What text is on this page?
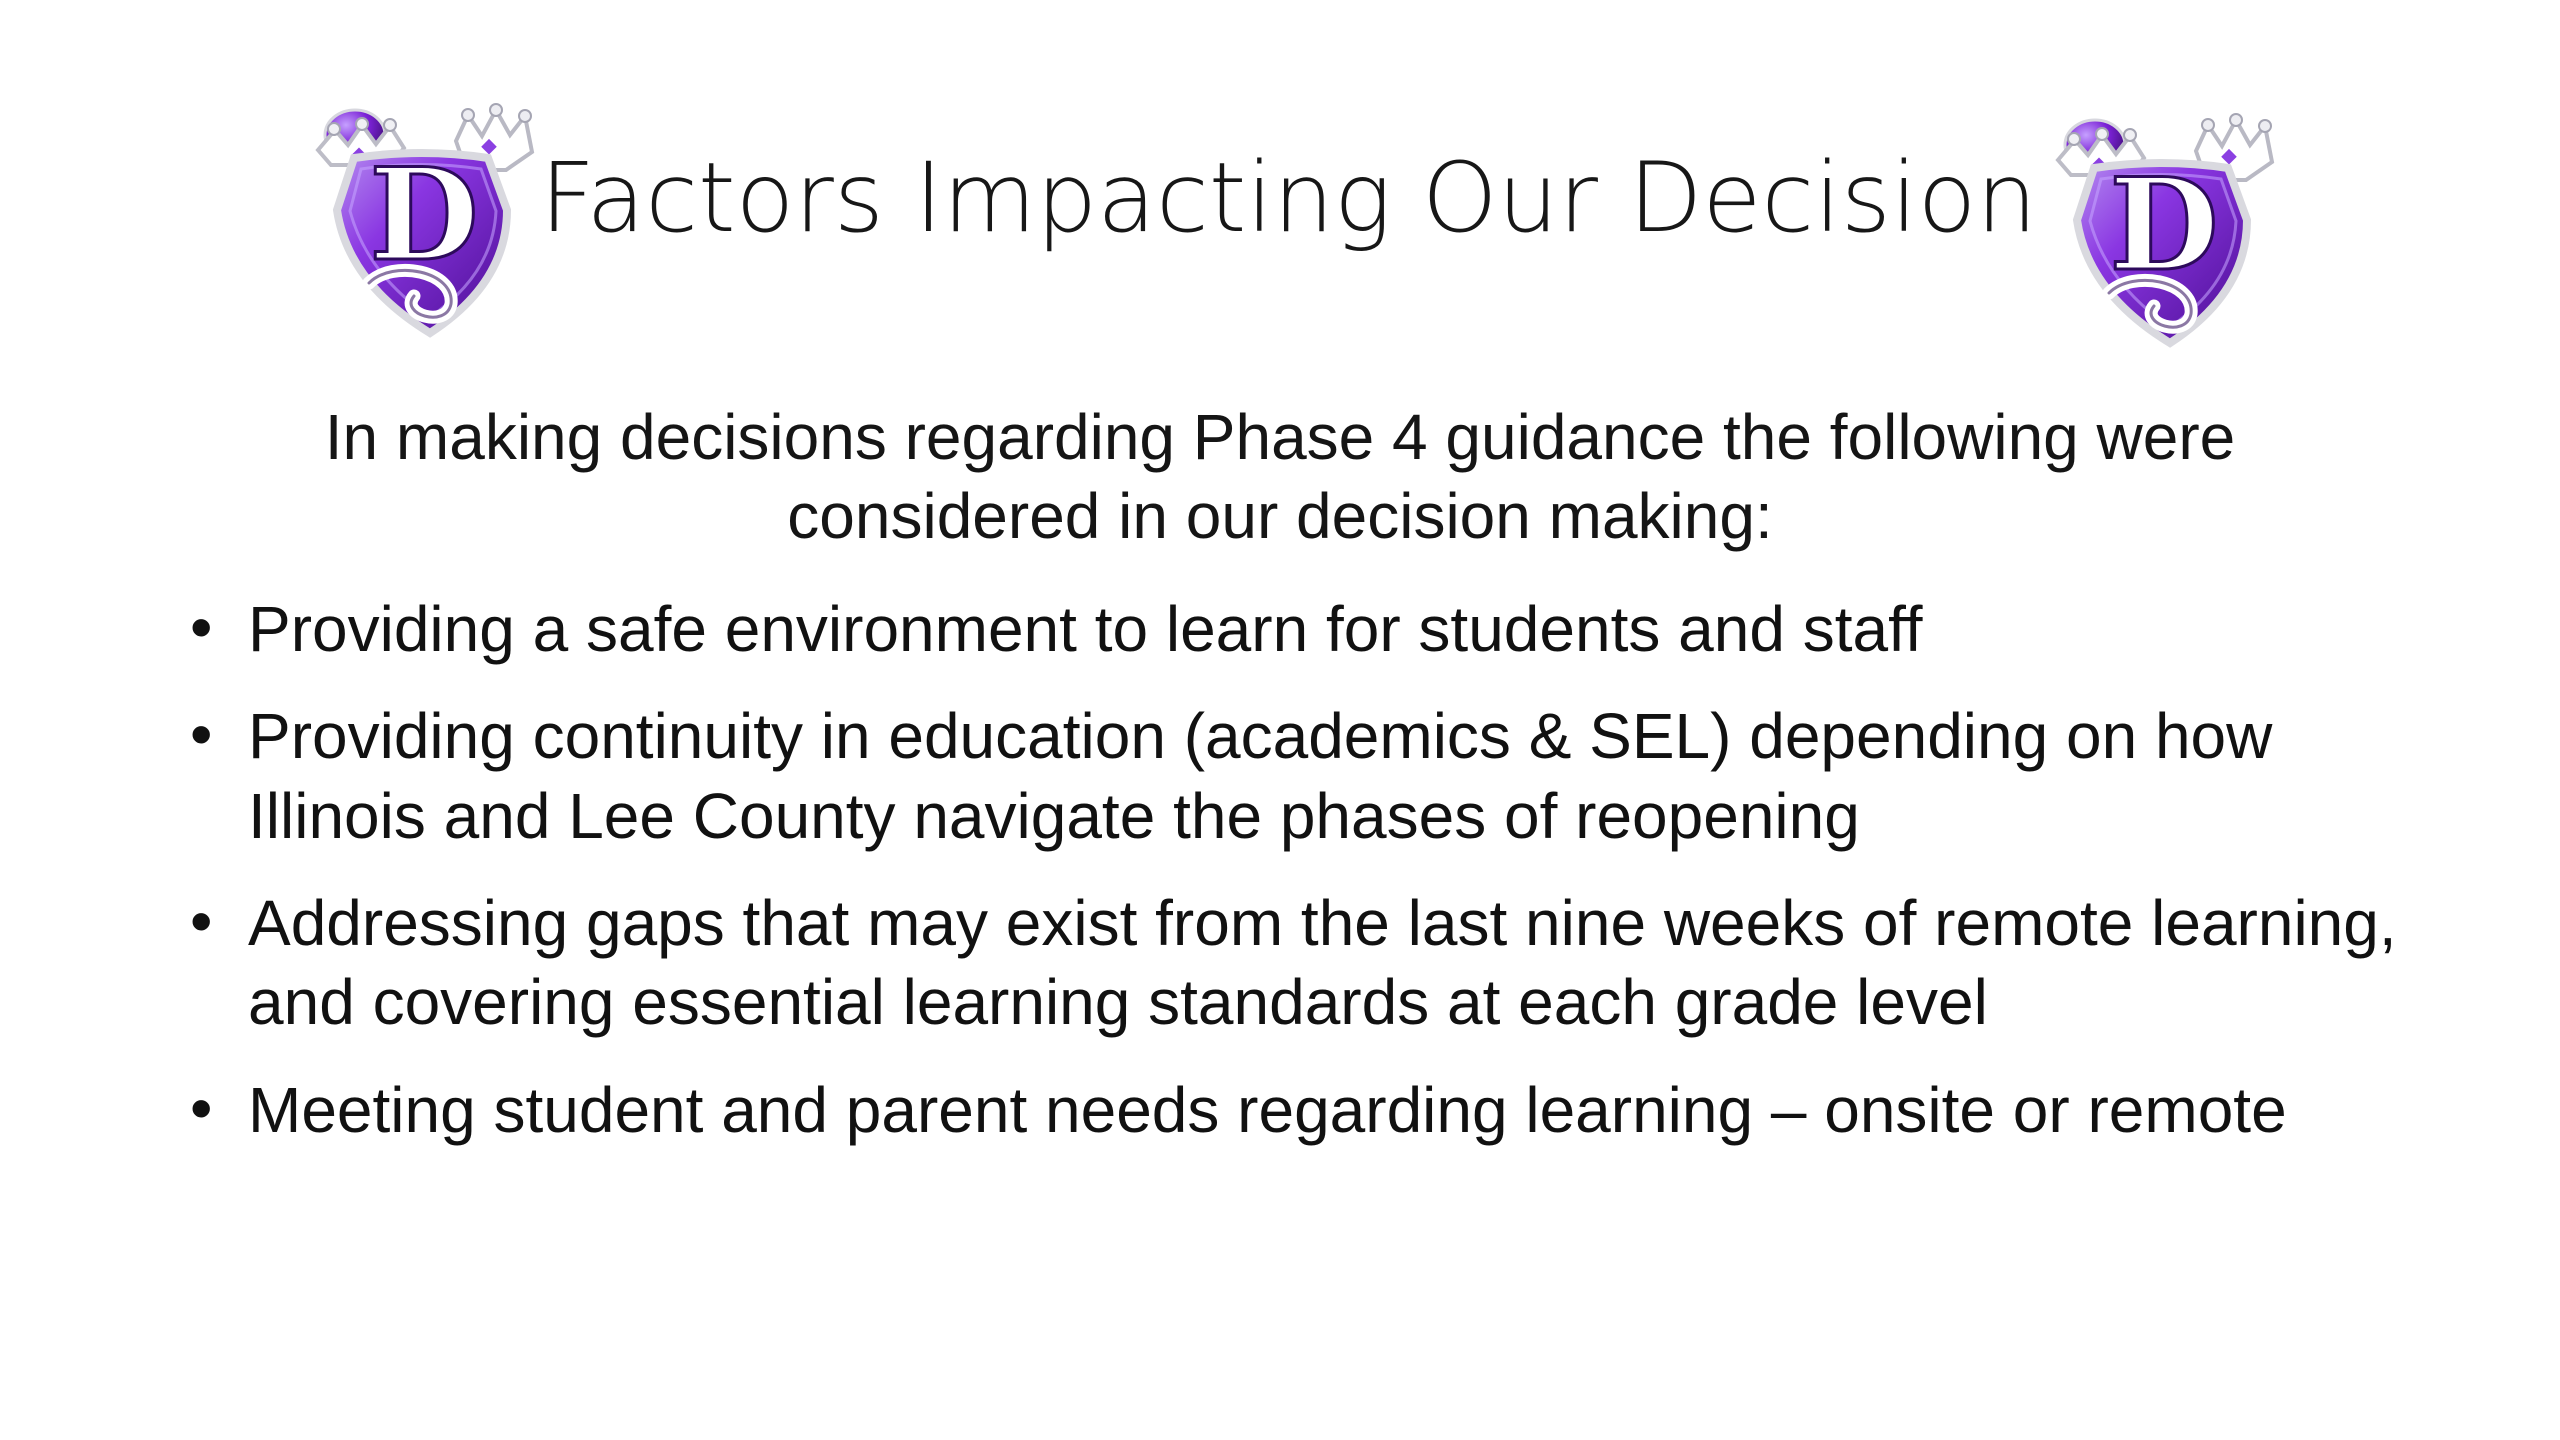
D Factors Impacting Our Decision D

In making decisions regarding Phase 4 guidance the following were considered in our decision making:

• Providing a safe environment to learn for students and staff
• Providing continuity in education (academics & SEL) depending on how Illinois and Lee County navigate the phases of reopening
• Addressing gaps that may exist from the last nine weeks of remote learning, and covering essential learning standards at each grade level
• Meeting student and parent needs regarding learning – onsite or remote
